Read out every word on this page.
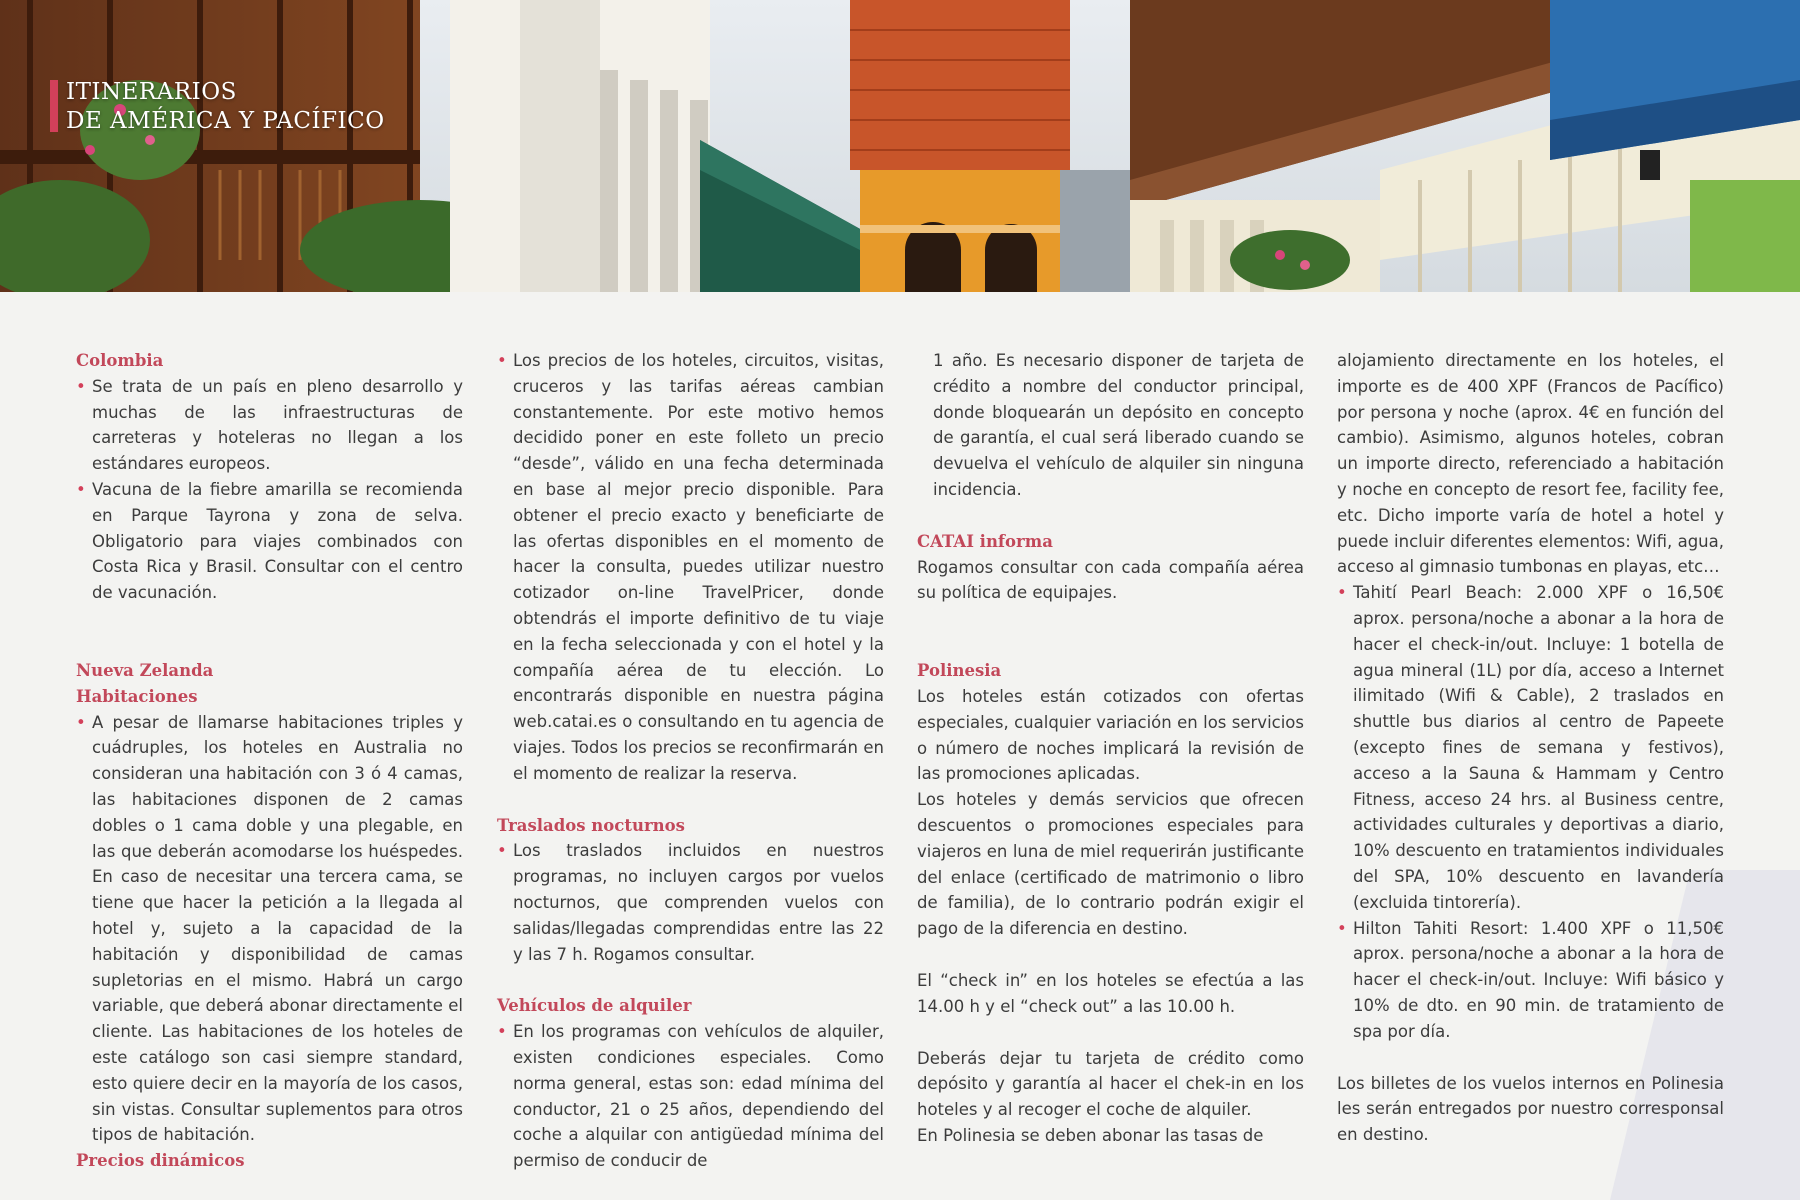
ITINERARIOS
DE AMÉRICA Y PACÍFICO
Colombia
• Se trata de un país en pleno desarrollo y muchas de las infraestructuras de carreteras y hoteleras no llegan a los estándares europeos.
• Vacuna de la fiebre amarilla se recomienda en Parque Tayrona y zona de selva. Obligatorio para viajes combinados con Costa Rica y Brasil. Consultar con el centro de vacunación.
Nueva Zelanda
Habitaciones
• A pesar de llamarse habitaciones triples y cuádruples, los hoteles en Australia no consideran una habitación con 3 ó 4 camas, las habitaciones disponen de 2 camas dobles o 1 cama doble y una plegable, en las que deberán acomodarse los huéspedes. En caso de necesitar una tercera cama, se tiene que hacer la petición a la llegada al hotel y, sujeto a la capacidad de la habitación y disponibilidad de camas supletorias en el mismo. Habrá un cargo variable, que deberá abonar directamente el cliente. Las habitaciones de los hoteles de este catálogo son casi siempre standard, esto quiere decir en la mayoría de los casos, sin vistas. Consultar suplementos para otros tipos de habitación.
Precios dinámicos
• Los precios de los hoteles, circuitos, visitas, cruceros y las tarifas aéreas cambian constantemente. Por este motivo hemos decidido poner en este folleto un precio “desde”, válido en una fecha determinada en base al mejor precio disponible. Para obtener el precio exacto y beneficiarte de las ofertas disponibles en el momento de hacer la consulta, puedes utilizar nuestro cotizador on-line TravelPricer, donde obtendrás el importe definitivo de tu viaje en la fecha seleccionada y con el hotel y la compañía aérea de tu elección. Lo encontrarás disponible en nuestra página web.catai.es o consultando en tu agencia de viajes. Todos los precios se reconfirmarán en el momento de realizar la reserva.
Traslados nocturnos
• Los traslados incluidos en nuestros programas, no incluyen cargos por vuelos nocturnos, que comprenden vuelos con salidas/llegadas comprendidas entre las 22 y las 7 h. Rogamos consultar.
Vehículos de alquiler
• En los programas con vehículos de alquiler, existen condiciones especiales. Como norma general, estas son: edad mínima del conductor, 21 o 25 años, dependiendo del coche a alquilar con antigüedad mínima del permiso de conducir de

1 año. Es necesario disponer de tarjeta de crédito a nombre del conductor principal, donde bloquearán un depósito en concepto de garantía, el cual será liberado cuando se devuelva el vehículo de alquiler sin ninguna incidencia.

CATAI informa

Rogamos consultar con cada compañía aérea su política de equipajes.

Polinesia

Los hoteles están cotizados con ofertas especiales, cualquier variación en los servicios o número de noches implicará la revisión de las promociones aplicadas.

Los hoteles y demás servicios que ofrecen descuentos o promociones especiales para viajeros en luna de miel requerirán justificante del enlace (certificado de matrimonio o libro de familia), de lo contrario podrán exigir el pago de la diferencia en destino.

El “check in” en los hoteles se efectúa a las 14.00 h y el “check out” a las 10.00 h.

Deberás dejar tu tarjeta de crédito como depósito y garantía al hacer el chek-in en los hoteles y al recoger el coche de alquiler.

En Polinesia se deben abonar las tasas de

alojamiento directamente en los hoteles, el importe es de 400 XPF (Francos de Pacífico) por persona y noche (aprox. 4€ en función del cambio). Asimismo, algunos hoteles, cobran un importe directo, referenciado a habitación y noche en concepto de resort fee, facility fee, etc. Dicho importe varía de hotel a hotel y puede incluir diferentes elementos: Wifi, agua, acceso al gimnasio tumbonas en playas, etc…

• Tahití Pearl Beach: 2.000 XPF o 16,50€ aprox. persona/noche a abonar a la hora de hacer el check-in/out. Incluye: 1 botella de agua mineral (1L) por día, acceso a Internet ilimitado (Wifi & Cable), 2 traslados en shuttle bus diarios al centro de Papeete (excepto fines de semana y festivos), acceso a la Sauna & Hammam y Centro Fitness, acceso 24 hrs. al Business centre, actividades culturales y deportivas a diario, 10% descuento en tratamientos individuales del SPA, 10% descuento en lavandería (excluida tintorería).
• Hilton Tahiti Resort: 1.400 XPF o 11,50€ aprox. persona/noche a abonar a la hora de hacer el check-in/out. Incluye: Wifi básico y 10% de dto. en 90 min. de tratamiento de spa por día.

Los billetes de los vuelos internos en Polinesia les serán entregados por nuestro corresponsal en destino.
